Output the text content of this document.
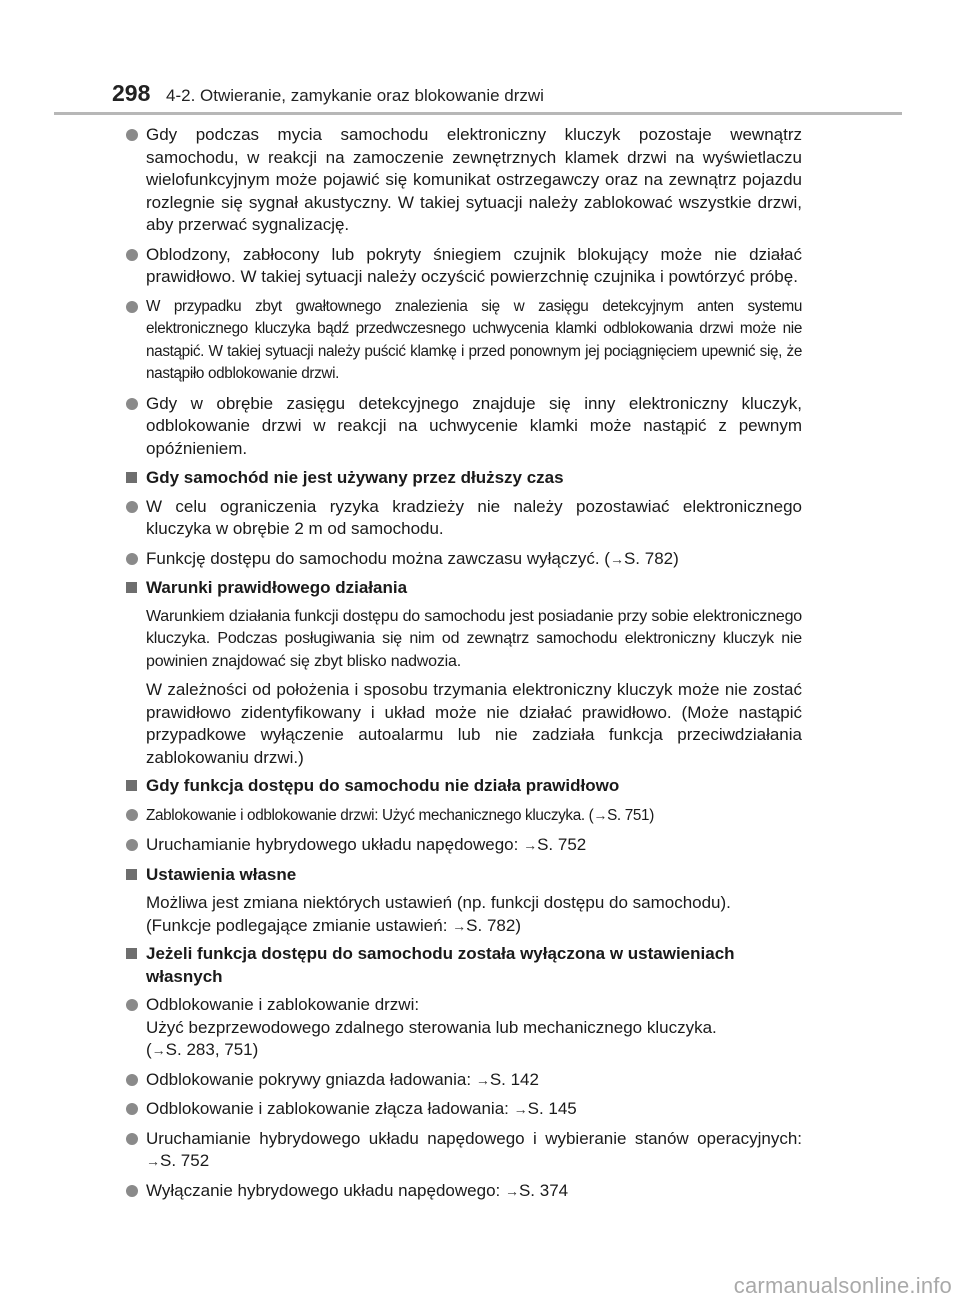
298 4-2. Otwieranie, zamykanie oraz blokowanie drzwi
Gdy podczas mycia samochodu elektroniczny kluczyk pozostaje wewnątrz samochodu, w reakcji na zamoczenie zewnętrznych klamek drzwi na wyświetlaczu wielofunkcyjnym może pojawić się komunikat ostrzegawczy oraz na zewnątrz pojazdu rozlegnie się sygnał akustyczny. W takiej sytuacji należy zablokować wszystkie drzwi, aby przerwać sygnalizację.
Oblodzony, zabłocony lub pokryty śniegiem czujnik blokujący może nie działać prawidłowo. W takiej sytuacji należy oczyścić powierzchnię czujnika i powtórzyć próbę.
W przypadku zbyt gwałtownego znalezienia się w zasięgu detekcyjnym anten systemu elektronicznego kluczyka bądź przedwczesnego uchwycenia klamki odblokowania drzwi może nie nastąpić. W takiej sytuacji należy puścić klamkę i przed ponownym jej pociągnięciem upewnić się, że nastąpiło odblokowanie drzwi.
Gdy w obrębie zasięgu detekcyjnego znajduje się inny elektroniczny kluczyk, odblokowanie drzwi w reakcji na uchwycenie klamki może nastąpić z pewnym opóźnieniem.
Gdy samochód nie jest używany przez dłuższy czas
W celu ograniczenia ryzyka kradzieży nie należy pozostawiać elektronicznego kluczyka w obrębie 2 m od samochodu.
Funkcję dostępu do samochodu można zawczasu wyłączyć. (→S. 782)
Warunki prawidłowego działania
Warunkiem działania funkcji dostępu do samochodu jest posiadanie przy sobie elektronicznego kluczyka. Podczas posługiwania się nim od zewnątrz samochodu elektroniczny kluczyk nie powinien znajdować się zbyt blisko nadwozia.
W zależności od położenia i sposobu trzymania elektroniczny kluczyk może nie zostać prawidłowo zidentyfikowany i układ może nie działać prawidłowo. (Może nastąpić przypadkowe wyłączenie autoalarmu lub nie zadziała funkcja przeciwdziałania zablokowaniu drzwi.)
Gdy funkcja dostępu do samochodu nie działa prawidłowo
Zablokowanie i odblokowanie drzwi: Użyć mechanicznego kluczyka. (→S. 751)
Uruchamianie hybrydowego układu napędowego: →S. 752
Ustawienia własne
Możliwa jest zmiana niektórych ustawień (np. funkcji dostępu do samochodu).
(Funkcje podlegające zmianie ustawień: →S. 782)
Jeżeli funkcja dostępu do samochodu została wyłączona w ustawieniach
własnych
Odblokowanie i zablokowanie drzwi:
Użyć bezprzewodowego zdalnego sterowania lub mechanicznego kluczyka.
(→S. 283, 751)
Odblokowanie pokrywy gniazda ładowania: →S. 142
Odblokowanie i zablokowanie złącza ładowania: →S. 145
Uruchamianie hybrydowego układu napędowego i wybieranie stanów operacyjnych: →S. 752
Wyłączanie hybrydowego układu napędowego: →S. 374
carmanualsonline.info
